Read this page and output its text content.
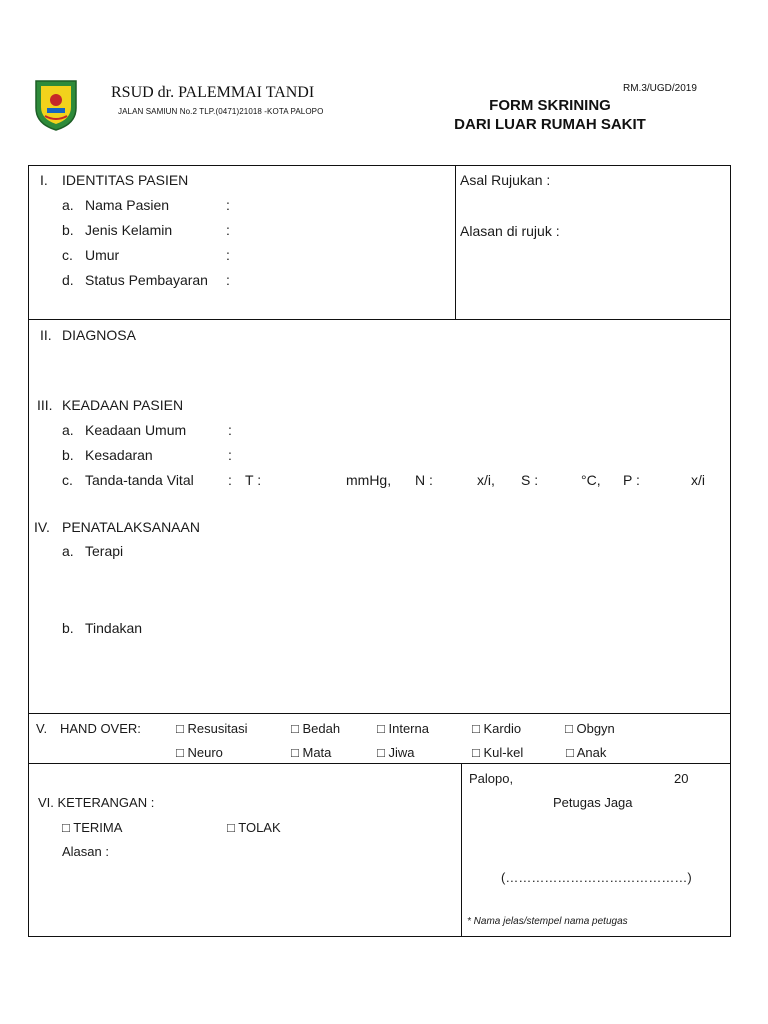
RSUD dr. PALEMMAI TANDI
JALAN SAMIUN No.2 TLP.(0471)21018 -KOTA PALOPO
RM.3/UGD/2019
FORM SKRINING
DARI LUAR RUMAH SAKIT
I. IDENTITAS PASIEN
a. Nama Pasien	:
b. Jenis Kelamin	:
c. Umur	:
d. Status Pembayaran :
Asal Rujukan :
Alasan di rujuk :
II. DIAGNOSA
III. KEADAAN PASIEN
a. Keadaan Umum	:
b. Kesadaran	:
c. Tanda-tanda Vital : T :	mmHg, N :	x/i, S :	°C, P :	x/i
IV. PENATALAKSANAAN
a. Terapi
b. Tindakan
V. HAND OVER:	□ Resusitasi	□ Bedah	□ Interna	□ Kardio	□ Obgyn
□ Neuro	□ Mata	□ Jiwa	□ Kul-kel	□ Anak
VI. KETERANGAN :
□ TERIMA	□ TOLAK
Alasan :
Palopo,	20
Petugas Jaga
(……………………………………)
* Nama jelas/stempel nama petugas
